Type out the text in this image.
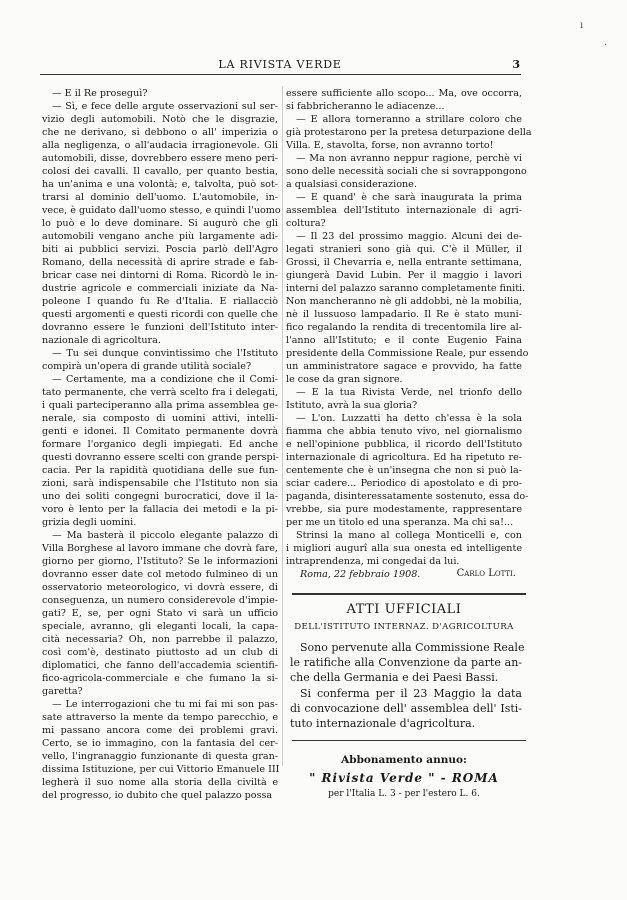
LA RIVISTA VERDE	3
— E il Re proseguì?
— Sì, e fece delle argute osservazioni sul ser-
vizio degli automobili. Notò che le disgrazie,
che ne derivano, si debbono o all' imperizia o
alla negligenza, o all'audacia irragionevole. Gli
automobili, disse, dovrebbero essere meno peri-
colosi dei cavalli. Il cavallo, per quanto bestia,
ha un'anima e una volontà; e, talvolta, può sot-
trarsi al dominio dell'uomo. L'automobile, in-
vece, è guidato dall'uomo stesso, e quindi l'uomo
lo può e lo deve dominare. Si augurò che gli
automobili vengano anche più largamente adi-
biti ai pubblici servizi. Poscia parlò dell'Agro
Romano, della necessità di aprire strade e fab-
bricar case nei dintorni di Roma. Ricordò le in-
dustrie agricole e commerciali iniziate da Na-
poleone I quando fu Re d'Italia. E riallacciò
questi argomenti e questi ricordi con quelle che
dovranno essere le funzioni dell'Istituto inter-
nazionale di agricoltura.
— Tu sei dunque convintissimo che l'Istituto
compirà un'opera di grande utilità sociale?
— Certamente, ma a condizione che il Comi-
tato permanente, che verrà scelto fra i delegati,
i quali parteciperanno alla prima assemblea ge-
nerale, sia composto di uomini attivi, intelli-
genti e idonei. Il Comitato permanente dovrà
formare l'organico degli impiegati. Ed anche
questi dovranno essere scelti con grande perspi-
cacia. Per la rapidità quotidiana delle sue fun-
zioni, sarà indispensabile che l'Istituto non sia
uno dei soliti congegni burocratici, dove il la-
voro è lento per la fallacia dei metodi e la pi-
grizia degli uomini.
— Ma basterà il piccolo elegante palazzo di
Villa Borghese al lavoro immane che dovrà fare,
giorno per giorno, l'Istituto? Se le informazioni
dovranno esser date col metodo fulmineo di un
osservatorio meteorologico, vi dovrà essere, di
conseguenza, un numero considerevole d'impie-
gati? E, se, per ogni Stato vi sarà un ufficio
speciale, avranno, gli eleganti locali, la capa-
cità necessaria? Oh, non parrebbe il palazzo,
così com'è, destinato piuttosto ad un club di
diplomatici, che fanno dell'accademia scientifi-
fico-agricola-commerciale e che fumano la si-
garetta?
— Le interrogazioni che tu mi fai mi son pas-
sate attraverso la mente da tempo parecchio, e
mi passano ancora come dei problemi gravi.
Certo, se io immagino, con la fantasia del cer-
vello, l'ingranaggio funzionante di questa gran-
dissima Istituzione, per cui Vittorio Emanuele III
legherà il suo nome alla storia della civiltà e
del progresso, io dubito che quel palazzo possa
essere sufficiente allo scopo... Ma, ove occorra,
si fabbricheranno le adiacenze...
— E allora torneranno a strillare coloro che
già protestarono per la pretesa deturpazione della
Villa. E, stavolta, forse, non avranno torto!
— Ma non avranno neppur ragione, perchè vi
sono delle necessità sociali che si sovrappongono
a qualsiasi considerazione.
— E quand' è che sarà inaugurata la prima
assemblea dell'Istituto internazionale di agri-
coltura?
— Il 23 del prossimo maggio. Alcuni dei de-
legati stranieri sono già qui. C'è il Müller, il
Grossi, il Chevarria e, nella entrante settimana,
giungerà David Lubin. Per il maggio i lavori
interni del palazzo saranno completamente finiti.
Non mancheranno nè gli addobbi, nè la mobilia,
nè il lussuoso lampadario. Il Re è stato muni-
fico regalando la rendita di trecentomila lire al-
l'anno all'Istituto; e il conte Eugenio Faina
presidente della Commissione Reale, pur essendo
un amministratore sagace e provvido, ha fatte
le cose da gran signore.
— E la tua Rivista Verde, nel trionfo dello
Istituto, avrà la sua gloria?
— L'on. Luzzatti ha detto ch'essa è la sola
fiamma che abbia tenuto vivo, nel giornalismo
e nell'opinione pubblica, il ricordo dell'Istituto
internazionale di agricoltura. Ed ha ripetuto re-
centemente che è un'insegna che non si può la-
sciar cadere... Periodico di apostolato e di pro-
paganda, disinteressatamente sostenuto, essa do-
vrebbe, sia pure modestamente, rappresentare
per me un titolo ed una speranza. Ma chi sa!...
Strinsi la mano al collega Monticelli e, con
i migliori augurî alla sua onesta ed intelligente
intraprendenza, mi congedai da lui.
Roma, 22 febbraio 1908.	Carlo Lotti.
ATTI UFFICIALI
DELL'ISTITUTO INTERNAZ. D'AGRICOLTURA
Sono pervenute alla Commissione Reale
le ratifiche alla Convenzione da parte an-
che della Germania e dei Paesi Bassi.
Si conferma per il 23 Maggio la data
di convocazione dell' assemblea dell' Isti-
tuto internazionale d'agricoltura.
Abbonamento annuo:
" Rivista Verde " - ROMA
per l'Italia L. 3 - per l'estero L. 6.
ı
·
